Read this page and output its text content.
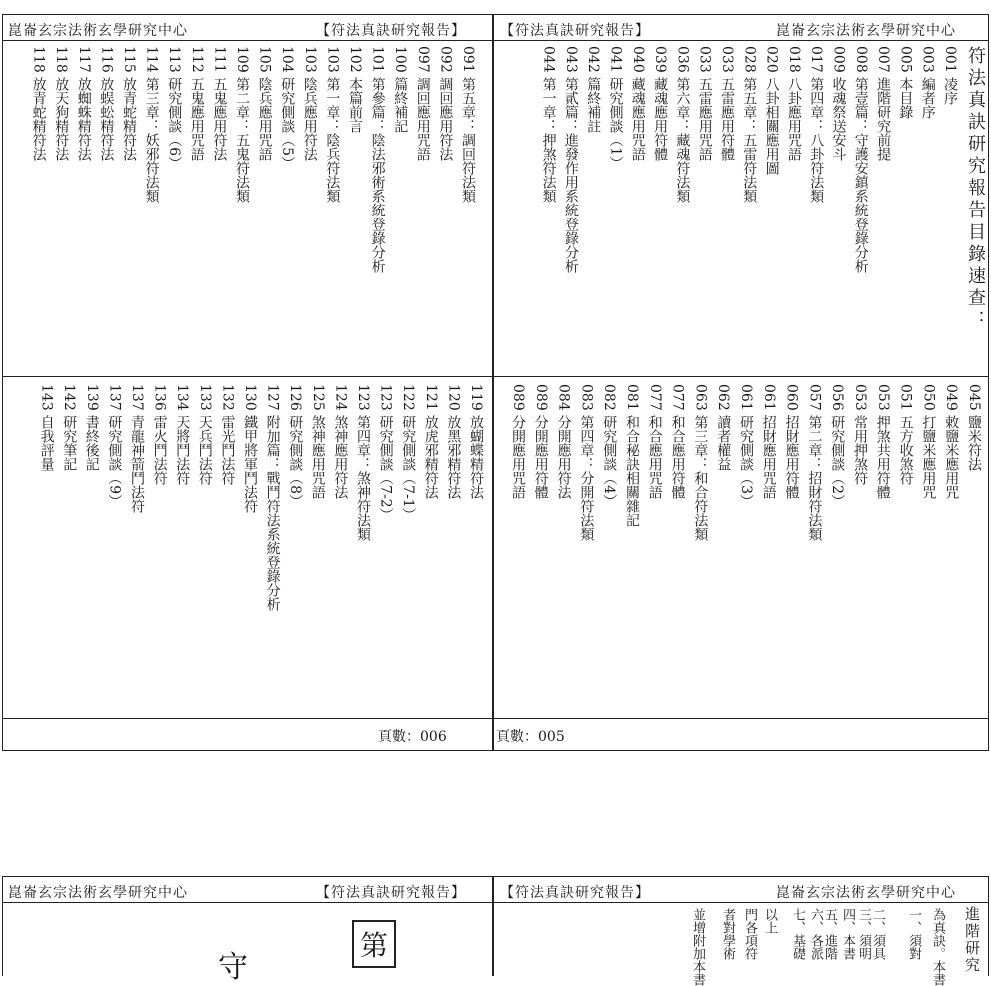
崑崙玄宗法術玄學研究中心	【符法真訣研究報告】 【符法真訣研究報告】	崑崙玄宗法術玄學研究中心
符法真訣研究報告目錄速查：
001 凌序
003 編者序
005 本目錄
007 進階研究前提
008 第壹篇：守護安鎮系統登錄分析
009 收魂祭送安斗
017 第四章：八卦符法類
018 八卦應用咒語
020 八卦相關應用圖
028 第五章：五雷符法類
033 五雷應用符體
033 五雷應用咒語
036 第六章：藏魂符法類
039 藏魂應用符體
040 藏魂應用咒語
041 研究側談（1）
042 篇終補註
043 第貳篇：進發作用系統登錄分析
044 第一章：押煞符法類
045 鹽米符法
049 敕鹽米應用咒
050 打鹽米應用咒
051 五方收煞符
053 押煞共用符體
053 常用押煞符
056 研究側談（2）
057 第二章：招財符法類
060 招財應用符體
061 招財應用咒語
061 研究側談（3）
062 讀者權益
063 第三章：和合符法類
077 和合應用符體
077 和合應用咒語
081 和合秘訣相關雜記
082 研究側談（4）
083 第四章：分開符法類
084 分開應用符法
089 分開應用符體
089 分開應用咒語
091 第五章：調回符法類
092 調回應用符法
097 調回應用咒語
100 篇終補記
101 第參篇：陰法邪術系統登錄分析
102 本篇前言
103 第一章：陰兵符法類
103 陰兵應用符法
104 研究側談（5）
105 陰兵應用咒語
109 第二章：五鬼符法類
111 五鬼應用符法
112 五鬼應用咒語
113 研究側談（6）
114 第三章：妖邪符法類
115 放青蛇精符法
116 放蜈蚣精符法
117 放蜘蛛精符法
118 放天狗精符法
118 放青蛇精符法
119 放蝴蝶精符法
120 放黑邪精符法
121 放虎邪精符法
122 研究側談（7-1）
123 研究側談（7-2）
123 第四章：煞神符法類
124 煞神應用符法
125 煞神應用咒語
126 研究側談（8）
127 附加篇：戰鬥符法系統登錄分析
130 鐵甲將軍鬥法符
132 雷光鬥法符
133 天兵鬥法符
134 天將鬥法符
136 雷火鬥法符
137 青龍神箭鬥法符
137 研究側談（9）
139 書終後記
142 研究筆記
143 自我評量
頁數：006	頁數：005
崑崙玄宗法術玄學研究中心	【符法真訣研究報告】 【符法真訣研究報告】	崑崙玄宗法術玄學研究中心
守
第	進階研究
為真訣。本書
一、須對
二、須具
三、須明
四、本書
五、進階
六、各派
七、基礎
以上
門各項符
者對學術
並增附加本書
